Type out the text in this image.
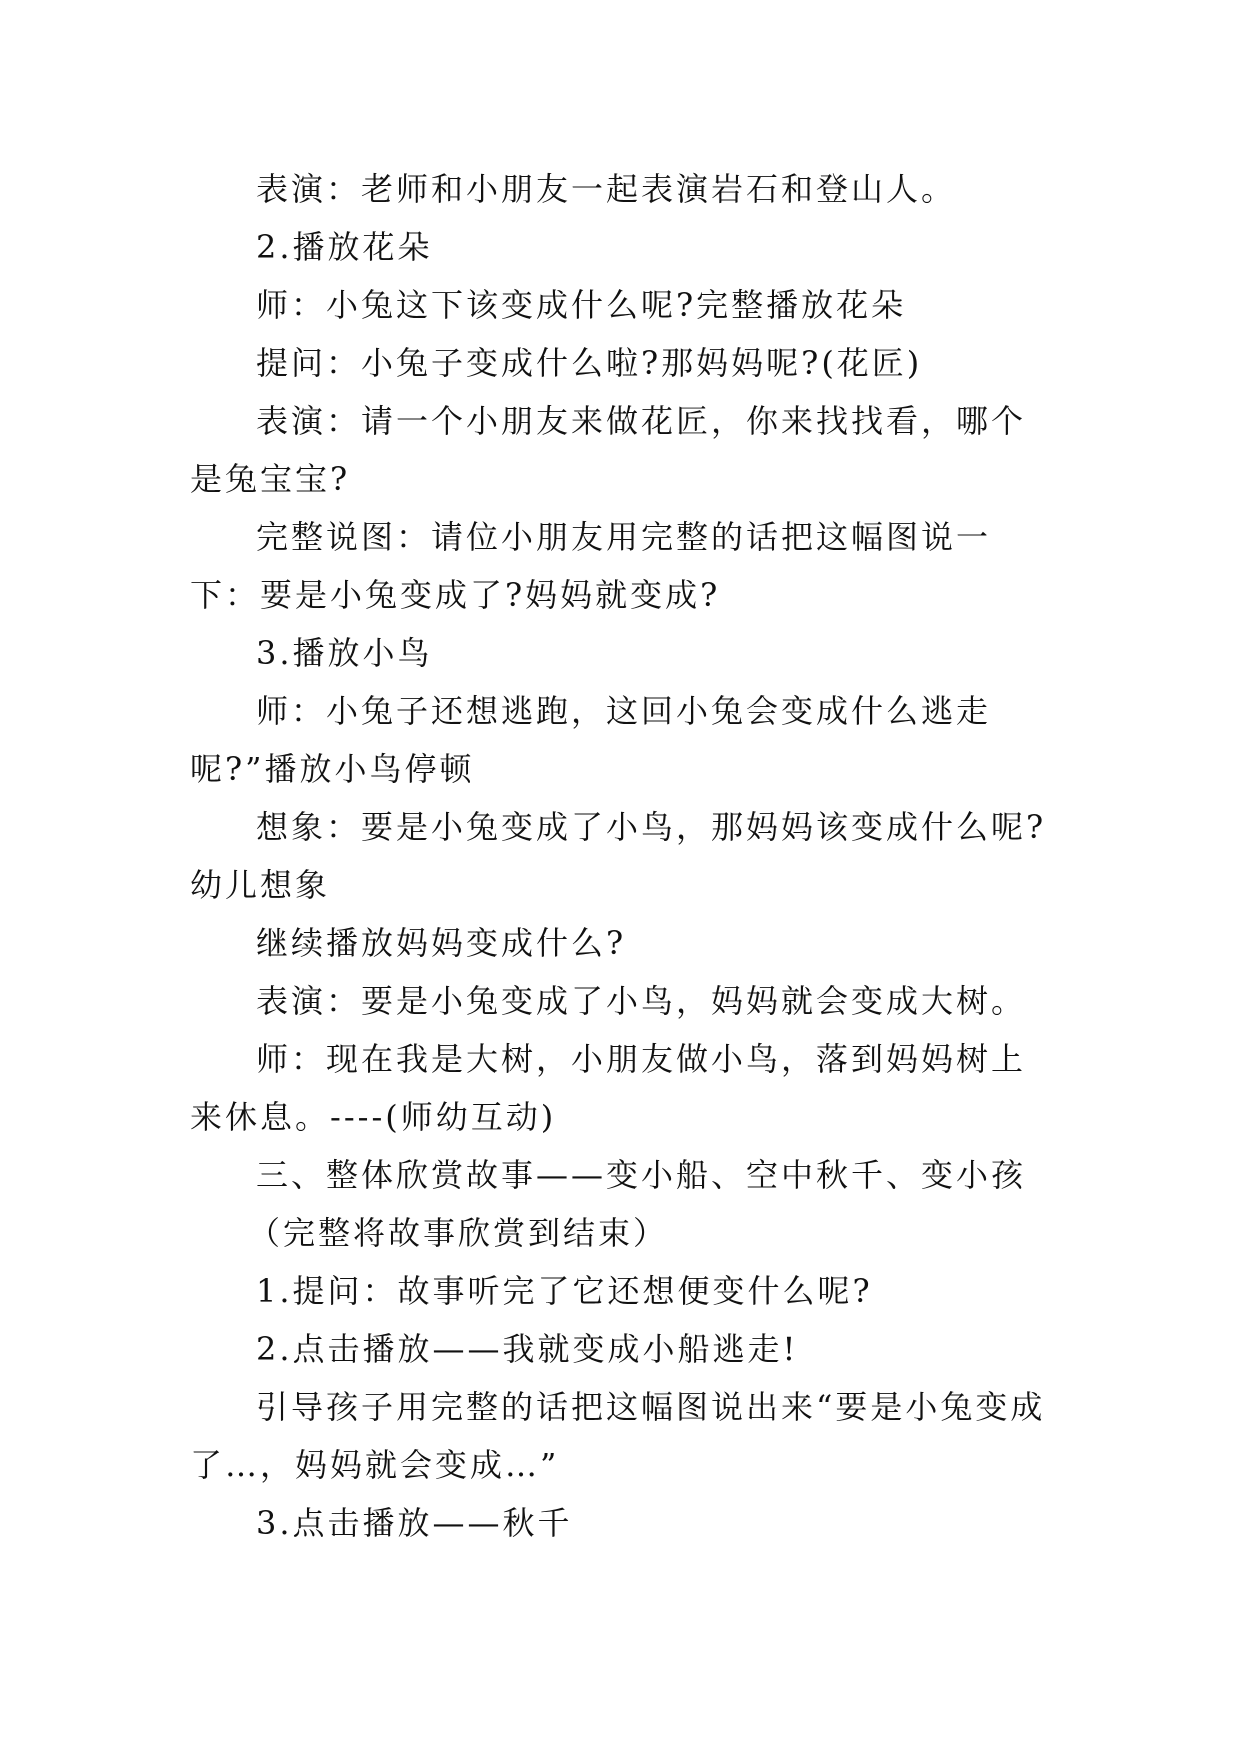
表演：老师和小朋友一起表演岩石和登山人。

2.播放花朵

师：小兔这下该变成什么呢?完整播放花朵

提问：小兔子变成什么啦?那妈妈呢?(花匠)

表演：请一个小朋友来做花匠，你来找找看，哪个是兔宝宝?

完整说图：请位小朋友用完整的话把这幅图说一下：要是小兔变成了?妈妈就变成?

3.播放小鸟

师：小兔子还想逃跑，这回小兔会变成什么逃走呢?”播放小鸟停顿

想象：要是小兔变成了小鸟，那妈妈该变成什么呢?幼儿想象

继续播放妈妈变成什么?

表演：要是小兔变成了小鸟，妈妈就会变成大树。

师：现在我是大树，小朋友做小鸟，落到妈妈树上来休息。----(师幼互动)

三、整体欣赏故事——变小船、空中秋千、变小孩

（完整将故事欣赏到结束）

1.提问：故事听完了它还想便变什么呢?

2.点击播放——我就变成小船逃走!

引导孩子用完整的话把这幅图说出来“要是小兔变成了…，妈妈就会变成…”

3.点击播放——秋千
